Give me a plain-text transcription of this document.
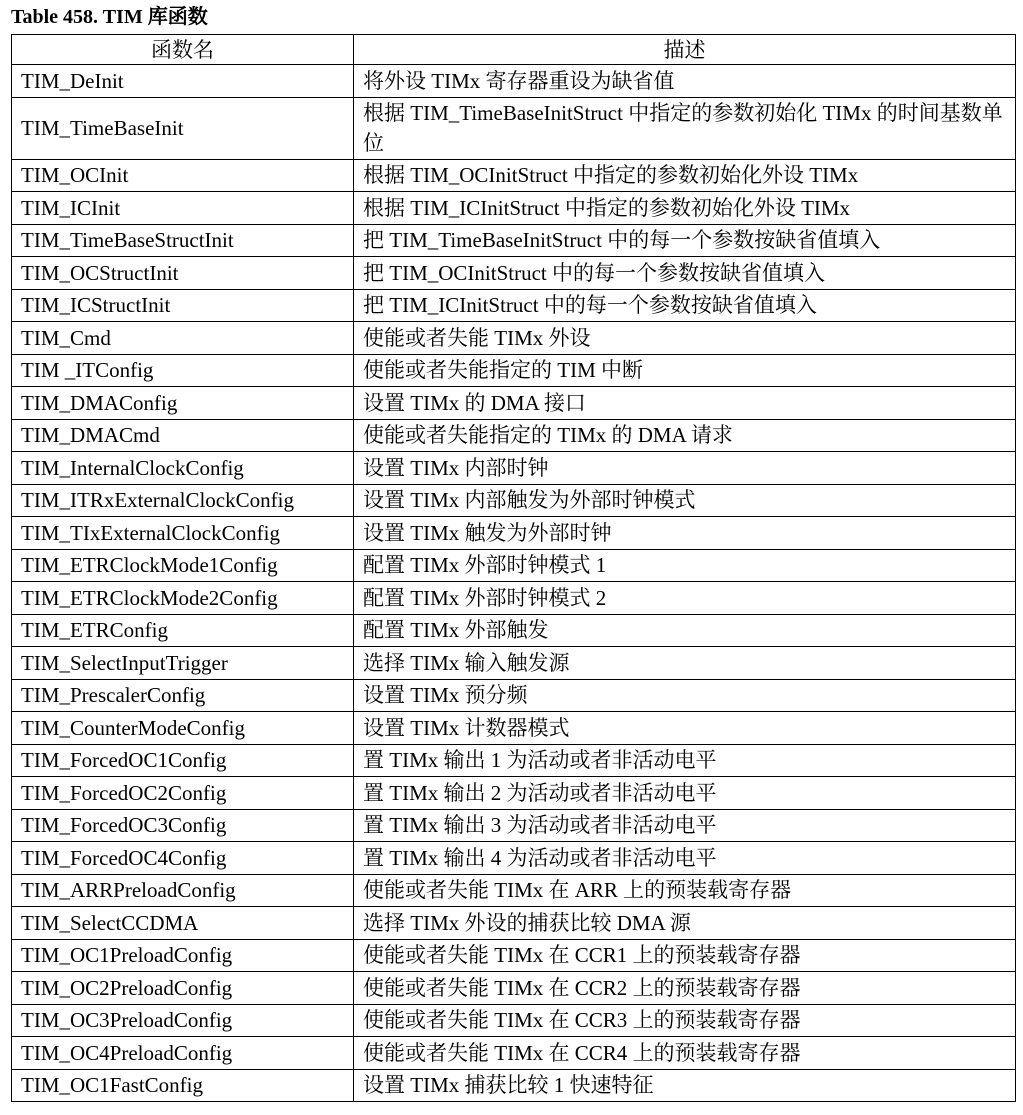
Table 458. TIM 库函数
函数名	描述
TIM_DeInit	将外设 TIMx 寄存器重设为缺省值
TIM_TimeBaseInit	根据 TIM_TimeBaseInitStruct 中指定的参数初始化 TIMx 的时间基数单位
TIM_OCInit	根据 TIM_OCInitStruct 中指定的参数初始化外设 TIMx
TIM_ICInit	根据 TIM_ICInitStruct 中指定的参数初始化外设 TIMx
TIM_TimeBaseStructInit	把 TIM_TimeBaseInitStruct 中的每一个参数按缺省值填入
TIM_OCStructInit	把 TIM_OCInitStruct 中的每一个参数按缺省值填入
TIM_ICStructInit	把 TIM_ICInitStruct 中的每一个参数按缺省值填入
TIM_Cmd	使能或者失能 TIMx 外设
TIM _ITConfig	使能或者失能指定的 TIM 中断
TIM_DMAConfig	设置 TIMx 的 DMA 接口
TIM_DMACmd	使能或者失能指定的 TIMx 的 DMA 请求
TIM_InternalClockConfig	设置 TIMx 内部时钟
TIM_ITRxExternalClockConfig	设置 TIMx 内部触发为外部时钟模式
TIM_TIxExternalClockConfig	设置 TIMx 触发为外部时钟
TIM_ETRClockMode1Config	配置 TIMx 外部时钟模式 1
TIM_ETRClockMode2Config	配置 TIMx 外部时钟模式 2
TIM_ETRConfig	配置 TIMx 外部触发
TIM_SelectInputTrigger	选择 TIMx 输入触发源
TIM_PrescalerConfig	设置 TIMx 预分频
TIM_CounterModeConfig	设置 TIMx 计数器模式
TIM_ForcedOC1Config	置 TIMx 输出 1 为活动或者非活动电平
TIM_ForcedOC2Config	置 TIMx 输出 2 为活动或者非活动电平
TIM_ForcedOC3Config	置 TIMx 输出 3 为活动或者非活动电平
TIM_ForcedOC4Config	置 TIMx 输出 4 为活动或者非活动电平
TIM_ARRPreloadConfig	使能或者失能 TIMx 在 ARR 上的预装载寄存器
TIM_SelectCCDMA	选择 TIMx 外设的捕获比较 DMA 源
TIM_OC1PreloadConfig	使能或者失能 TIMx 在 CCR1 上的预装载寄存器
TIM_OC2PreloadConfig	使能或者失能 TIMx 在 CCR2 上的预装载寄存器
TIM_OC3PreloadConfig	使能或者失能 TIMx 在 CCR3 上的预装载寄存器
TIM_OC4PreloadConfig	使能或者失能 TIMx 在 CCR4 上的预装载寄存器
TIM_OC1FastConfig	设置 TIMx 捕获比较 1 快速特征
